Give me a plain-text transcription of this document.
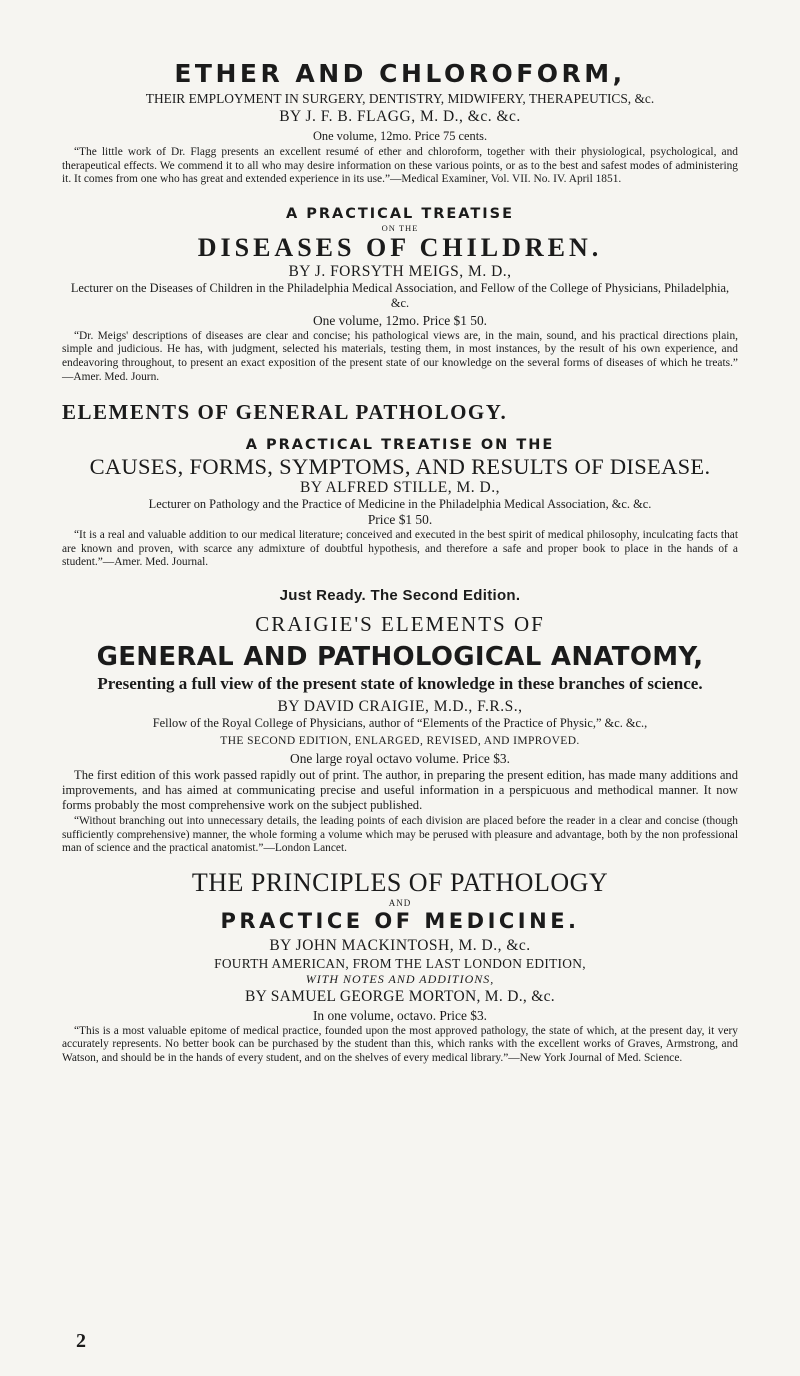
ETHER AND CHLOROFORM,
THEIR EMPLOYMENT IN SURGERY, DENTISTRY, MIDWIFERY, THERAPEUTICS, &c.
BY J. F. B. FLAGG, M. D., &c. &c.
One volume, 12mo. Price 75 cents.

“The little work of Dr. Flagg presents an excellent resumé of ether and chloroform, together with their physiological, psychological, and therapeutical effects. We commend it to all who may desire information on these various points, or as to the best and safest modes of administering it. It comes from one who has great and extended experience in its use.”—Medical Examiner, Vol. VII. No. IV. April 1851.

A PRACTICAL TREATISE
ON THE
DISEASES OF CHILDREN.
BY J. FORSYTH MEIGS, M. D.,
Lecturer on the Diseases of Children in the Philadelphia Medical Association, and Fellow of the College of Physicians, Philadelphia, &c.
One volume, 12mo. Price $1 50.

“Dr. Meigs' descriptions of diseases are clear and concise; his pathological views are, in the main, sound, and his practical directions plain, simple and judicious. He has, with judgment, selected his materials, testing them, in most instances, by the result of his own experience, and endeavoring throughout, to present an exact exposition of the present state of our knowledge on the several forms of diseases of which he treats.” —Amer. Med. Journ.

ELEMENTS OF GENERAL PATHOLOGY.
A PRACTICAL TREATISE ON THE
CAUSES, FORMS, SYMPTOMS, AND RESULTS OF DISEASE.
BY ALFRED STILLE, M. D.,
Lecturer on Pathology and the Practice of Medicine in the Philadelphia Medical Association, &c. &c.
Price $1 50.

“It is a real and valuable addition to our medical literature; conceived and executed in the best spirit of medical philosophy, inculcating facts that are known and proven, with scarce any admixture of doubtful hypothesis, and therefore a safe and proper book to place in the hands of a student.”—Amer. Med. Journal.

Just Ready. The Second Edition.
CRAIGIE'S ELEMENTS OF
GENERAL AND PATHOLOGICAL ANATOMY,
Presenting a full view of the present state of knowledge in these branches of science.
BY DAVID CRAIGIE, M.D., F.R.S.,
Fellow of the Royal College of Physicians, author of “Elements of the Practice of Physic,” &c. &c.,
THE SECOND EDITION, ENLARGED, REVISED, AND IMPROVED.
One large royal octavo volume. Price $3.

The first edition of this work passed rapidly out of print. The author, in preparing the present edition, has made many additions and improvements, and has aimed at communicating precise and useful information in a perspicuous and methodical manner. It now forms probably the most comprehensive work on the subject published.

“Without branching out into unnecessary details, the leading points of each division are placed before the reader in a clear and concise (though sufficiently comprehensive) manner, the whole forming a volume which may be perused with pleasure and advantage, both by the non professional man of science and the practical anatomist.”—London Lancet.

THE PRINCIPLES OF PATHOLOGY
AND
PRACTICE OF MEDICINE.
BY JOHN MACKINTOSH, M. D., &c.
FOURTH AMERICAN, FROM THE LAST LONDON EDITION,
WITH NOTES AND ADDITIONS,
BY SAMUEL GEORGE MORTON, M. D., &c.
In one volume, octavo. Price $3.

“This is a most valuable epitome of medical practice, founded upon the most approved pathology, the state of which, at the present day, it very accurately represents. No better book can be purchased by the student than this, which ranks with the excellent works of Graves, Armstrong, and Watson, and should be in the hands of every student, and on the shelves of every medical library.”—New York Journal of Med. Science.

2
